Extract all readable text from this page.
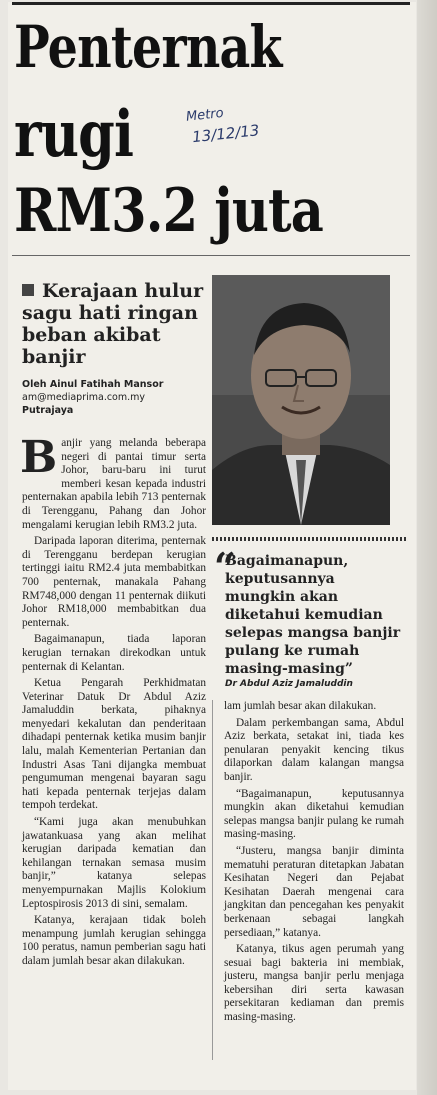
Penternak
rugi
RM3.2 juta
Metro
13/12/13
Kerajaan hulur sagu hati ringan beban akibat banjir
Oleh Ainul Fatihah Mansor
am@mediaprima.com.my
Putrajaya
“
Bagaimanapun, keputusannya mungkin akan diketahui kemudian selepas mangsa banjir pulang ke rumah masing-masing”
Dr Abdul Aziz Jamaluddin

Banjir yang melanda beberapa negeri di pantai timur serta Johor, baru-baru ini turut memberi kesan kepada industri penternakan apabila lebih 713 penternak di Terengganu, Pahang dan Johor mengalami kerugian lebih RM3.2 juta.

Daripada laporan diterima, penternak di Terengganu berdepan kerugian tertinggi iaitu RM2.4 juta membabitkan 700 penternak, manakala Pahang RM748,000 dengan 11 penternak diikuti Johor RM18,000 membabitkan dua penternak.

Bagaimanapun, tiada laporan kerugian ternakan direkodkan untuk penternak di Kelantan.

Ketua Pengarah Perkhidmatan Veterinar Datuk Dr Abdul Aziz Jamaluddin berkata, pihaknya menyedari kekalutan dan penderitaan dihadapi penternak ketika musim banjir lalu, malah Kementerian Pertanian dan Industri Asas Tani dijangka membuat pengumuman mengenai bayaran sagu hati kepada penternak terjejas dalam tempoh terdekat.

“Kami juga akan menubuhkan jawatankuasa yang akan melihat kerugian daripada kematian dan kehilangan ternakan semasa musim banjir,” katanya selepas menyempurnakan Majlis Kolokium Leptospirosis 2013 di sini, semalam.

Katanya, kerajaan tidak boleh menampung jumlah kerugian sehingga 100 peratus, namun pemberian sagu hati dalam jumlah besar akan dilakukan.

lam jumlah besar akan dilakukan.

Dalam perkembangan sama, Abdul Aziz berkata, setakat ini, tiada kes penularan penyakit kencing tikus dilaporkan dalam kalangan mangsa banjir.

“Bagaimanapun, keputusannya mungkin akan diketahui kemudian selepas mangsa banjir pulang ke rumah masing-masing.

“Justeru, mangsa banjir diminta mematuhi peraturan ditetapkan Jabatan Kesihatan Negeri dan Pejabat Kesihatan Daerah mengenai cara jangkitan dan pencegahan kes penyakit berkenaan sebagai langkah persediaan,” katanya.

Katanya, tikus agen perumah yang sesuai bagi bakteria ini membiak, justeru, mangsa banjir perlu menjaga kebersihan diri serta kawasan persekitaran kediaman dan premis masing-masing.
